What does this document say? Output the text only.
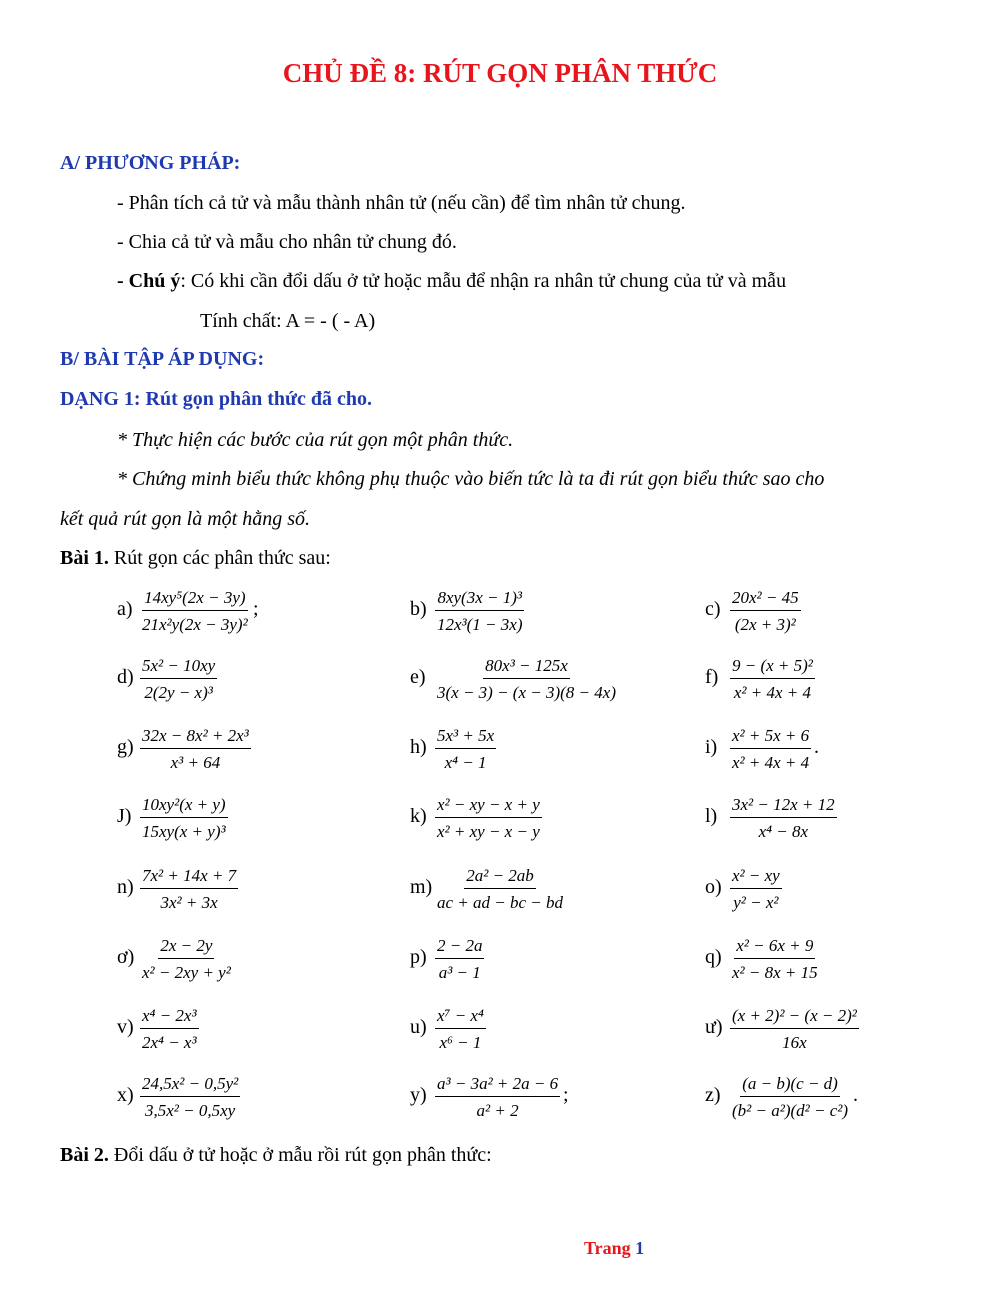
CHỦ ĐỀ 8: RÚT GỌN PHÂN THỨC
A/ PHƯƠNG PHÁP:
- Phân tích cả tử và mẫu thành nhân tử (nếu cần) để tìm nhân tử chung.
- Chia cả tử và mẫu cho nhân tử chung đó.
- Chú ý: Có khi cần đổi dấu ở tử hoặc mẫu để nhận ra nhân tử chung của tử và mẫu
Tính chất: A = - ( - A)
B/ BÀI TẬP ÁP DỤNG:
DẠNG 1: Rút gọn phân thức đã cho.
* Thực hiện các bước của rút gọn một phân thức.
* Chứng minh biểu thức không phụ thuộc vào biến tức là ta đi rút gọn biểu thức sao cho
kết quả rút gọn là một hằng số.
Bài 1. Rút gọn các phân thức sau:
$a) \frac{\text{14xy⁵(2x − 3y)}}{\text{21x²y(2x − 3y)²}}$ ;	$b) \frac{\text{8xy(3x − 1)³}}{\text{12x³(1 − 3x)}}$	$c) \frac{\text{20x² − 45}}{\text{(2x + 3)²}}$
$d) \frac{\text{5x² − 10xy}}{\text{2(2y − x)³}}$	$e) \frac{\text{80x³ − 125x}}{3(x - 3) - (x - 3)(8 - 4x)}$	$f) \frac{\text{9 − (x + 5)²}}{\text{x² + 4x + 4}}$
$g) \frac{\text{32x − 8x² + 2x³}}{\text{x³ + 64}}$	$h) \frac{\text{5x³ + 5x}}{\text{x⁴ − 1}}$	$i) \frac{\text{x² + 5x + 6}}{\text{x² + 4x + 4}}$ .
$J) \frac{\text{10xy²(x + y)}}{\text{15xy(x + y)³}}$	$k) \frac{\text{x² − xy − x + y}}{\text{x² + xy − x − y}}$	$l) \frac{\text{3x² − 12x + 12}}{\text{x⁴ − 8x}}$
$n) \frac{\text{7x² + 14x + 7}}{\text{3x² + 3x}}$	$m) \frac{\text{2a² − 2ab}}{ac + ad - bc - bd}$	$o) \frac{\text{x² − xy}}{\text{y² − x²}}$
ơ) $\frac{2x - 2y}{\text{x² − 2xy + y²}}$	$p) \frac{2 - 2a}{\text{a³ − 1}}$	$q) \frac{\text{x² − 6x + 9}}{\text{x² − 8x + 15}}$
$v) \frac{\text{x⁴ − 2x³}}{\text{2x⁴ − x³}}$	$u) \frac{\text{x⁷ − x⁴}}{\text{x⁶ − 1}}$	ư) $\frac{\text{(x + 2)² − (x − 2)²}}{16x}$
$x) \frac{\text{24,5x² − 0,5y²}}{\text{3,5x² − 0,5xy}}$	$y) \frac{\text{a³ − 3a² + 2a − 6}}{\text{a² + 2}}$ ;	$z) \frac{(a - b)(c - d)}{\text{(b² − a²)(d² − c²)}}$ .
Bài 2. Đổi dấu ở tử hoặc ở mẫu rồi rút gọn phân thức:
Trang 1
